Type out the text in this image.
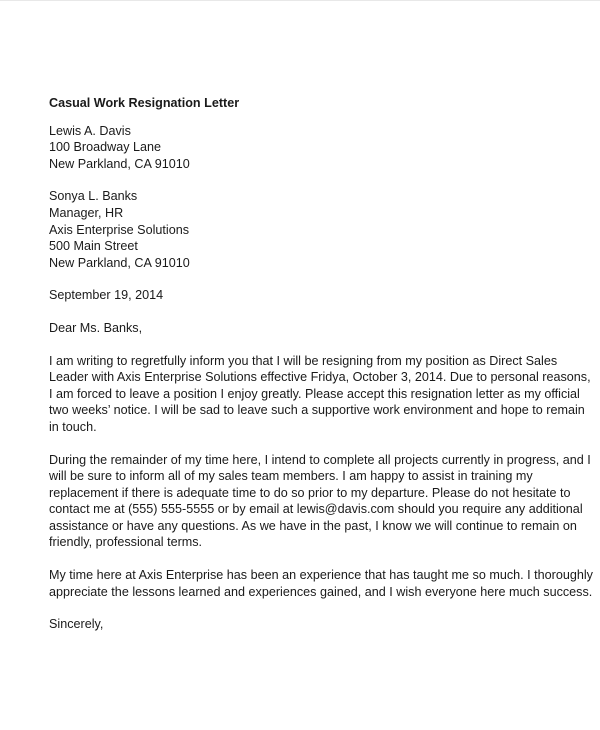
Casual Work Resignation Letter
Lewis A. Davis
100 Broadway Lane
New Parkland, CA 91010
Sonya L. Banks
Manager, HR
Axis Enterprise Solutions
500 Main Street
New Parkland, CA 91010
September 19, 2014
Dear Ms. Banks,
I am writing to regretfully inform you that I will be resigning from my position as Direct Sales
Leader with Axis Enterprise Solutions effective Fridya, October 3, 2014. Due to personal reasons,
I am forced to leave a position I enjoy greatly. Please accept this resignation letter as my official
two weeks’ notice. I will be sad to leave such a supportive work environment and hope to remain
in touch.
During the remainder of my time here, I intend to complete all projects currently in progress, and I
will be sure to inform all of my sales team members. I am happy to assist in training my
replacement if there is adequate time to do so prior to my departure. Please do not hesitate to
contact me at (555) 555-5555 or by email at lewis@davis.com should you require any additional
assistance or have any questions. As we have in the past, I know we will continue to remain on
friendly, professional terms.
My time here at Axis Enterprise has been an experience that has taught me so much. I thoroughly
appreciate the lessons learned and experiences gained, and I wish everyone here much success.
Sincerely,
